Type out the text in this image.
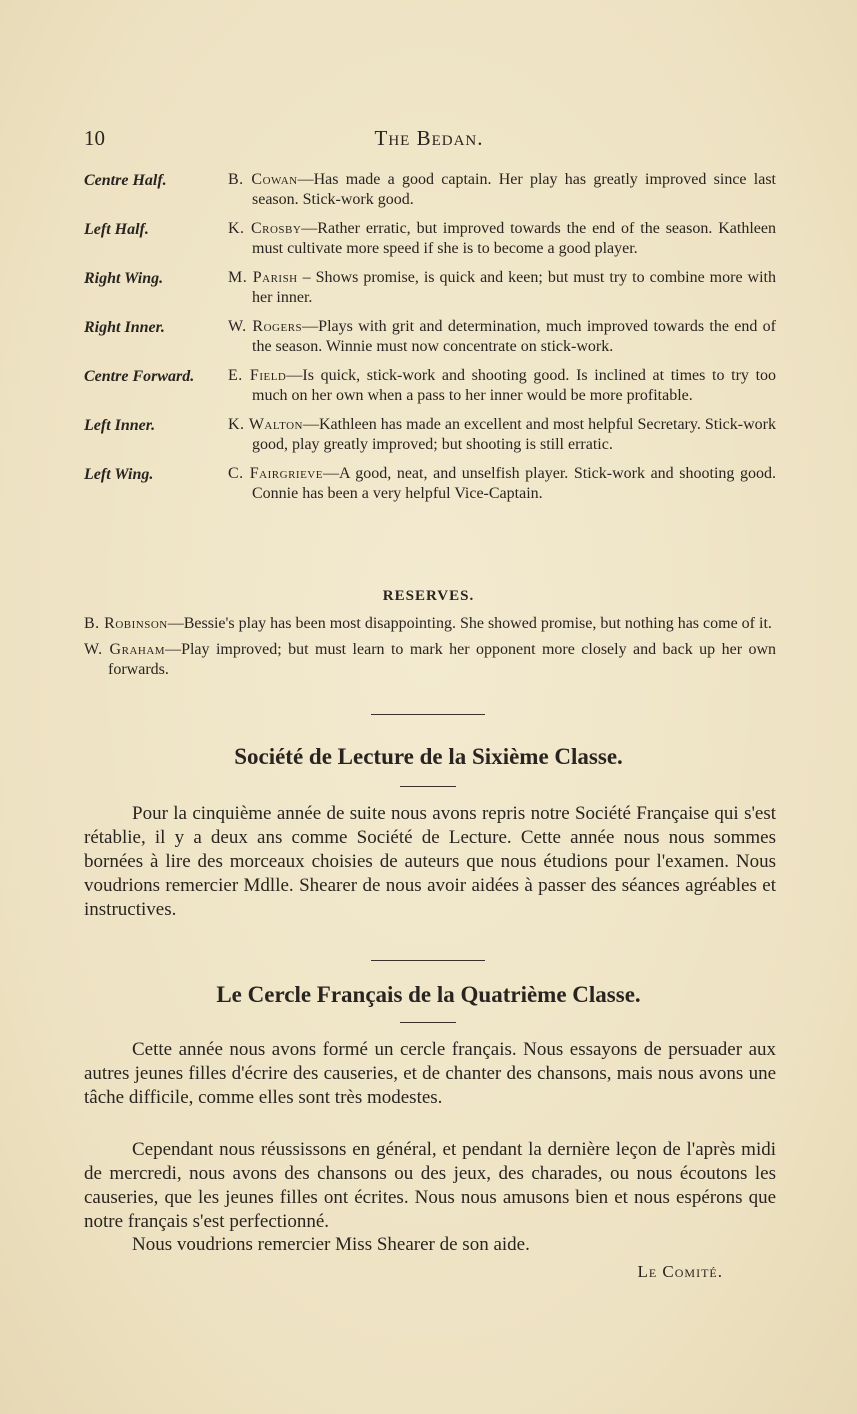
10	The Bedan.
Centre Half.	B. Cowan—Has made a good captain. Her play has greatly improved since last season. Stick-work good.
Left Half.	K. Crosby—Rather erratic, but improved towards the end of the season. Kathleen must cultivate more speed if she is to become a good player.
Right Wing.	M. Parish – Shows promise, is quick and keen; but must try to combine more with her inner.
Right Inner.	W. Rogers—Plays with grit and determination, much improved towards the end of the season. Winnie must now concentrate on stick-work.
Centre Forward.	E. Field—Is quick, stick-work and shooting good. Is inclined at times to try too much on her own when a pass to her inner would be more profitable.
Left Inner.	K. Walton—Kathleen has made an excellent and most helpful Secretary. Stick-work good, play greatly improved; but shooting is still erratic.
Left Wing.	C. Fairgrieve—A good, neat, and unselfish player. Stick-work and shooting good. Connie has been a very helpful Vice-Captain.
RESERVES.
B. Robinson—Bessie's play has been most disappointing. She showed promise, but nothing has come of it.
W. Graham—Play improved; but must learn to mark her opponent more closely and back up her own forwards.
Société de Lecture de la Sixième Classe.
Pour la cinquième année de suite nous avons repris notre Société Française qui s'est rétablie, il y a deux ans comme Société de Lecture. Cette année nous nous sommes bornées à lire des morceaux choisies de auteurs que nous étudions pour l'examen. Nous voudrions remercier Mdlle. Shearer de nous avoir aidées à passer des séances agréables et instructives.
Le Cercle Français de la Quatrième Classe.
Cette année nous avons formé un cercle français. Nous essayons de persuader aux autres jeunes filles d'écrire des causeries, et de chanter des chansons, mais nous avons une tâche difficile, comme elles sont très modestes.
Cependant nous réussissons en général, et pendant la dernière leçon de l'après midi de mercredi, nous avons des chansons ou des jeux, des charades, ou nous écoutons les causeries, que les jeunes filles ont écrites. Nous nous amusons bien et nous espérons que notre français s'est perfectionné.
Nous voudrions remercier Miss Shearer de son aide.
Le Comité.
